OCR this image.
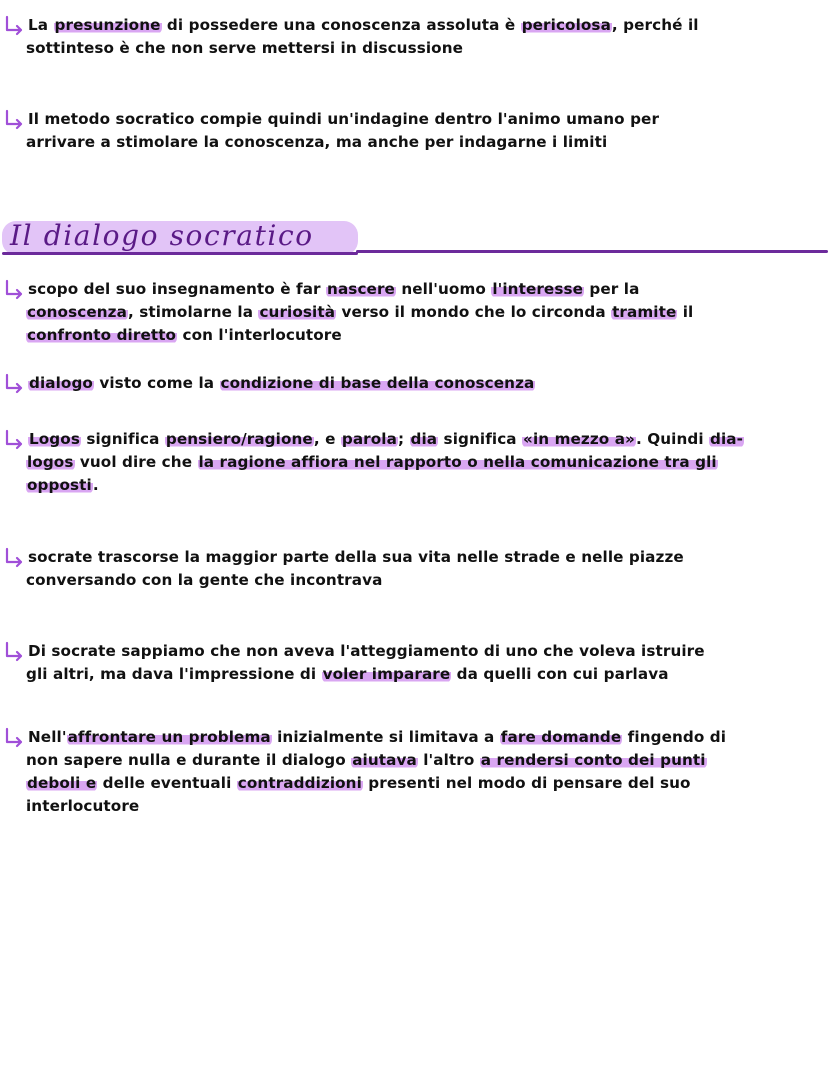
Il dialogo socratico
La presunzione di possedere una conoscenza assoluta è pericolosa, perché il
sottinteso è che non serve mettersi in discussione
Il metodo socratico compie quindi un'indagine dentro l'animo umano per
arrivare a stimolare la conoscenza, ma anche per indagarne i limiti
scopo del suo insegnamento è far nascere nell'uomo l'interesse per la
conoscenza, stimolarne la curiosità verso il mondo che lo circonda tramite il
confronto diretto con l'interlocutore
dialogo visto come la condizione di base della conoscenza
Logos significa pensiero/ragione, e parola; dia significa «in mezzo a». Quindi dia-
logos vuol dire che la ragione affiora nel rapporto o nella comunicazione tra gli
opposti.
socrate trascorse la maggior parte della sua vita nelle strade e nelle piazze
conversando con la gente che incontrava
Di socrate sappiamo che non aveva l'atteggiamento di uno che voleva istruire
gli altri, ma dava l'impressione di voler imparare da quelli con cui parlava
Nell'affrontare un problema inizialmente si limitava a fare domande fingendo di
non sapere nulla e durante il dialogo aiutava l'altro a rendersi conto dei punti
deboli e delle eventuali contraddizioni presenti nel modo di pensare del suo
interlocutore
